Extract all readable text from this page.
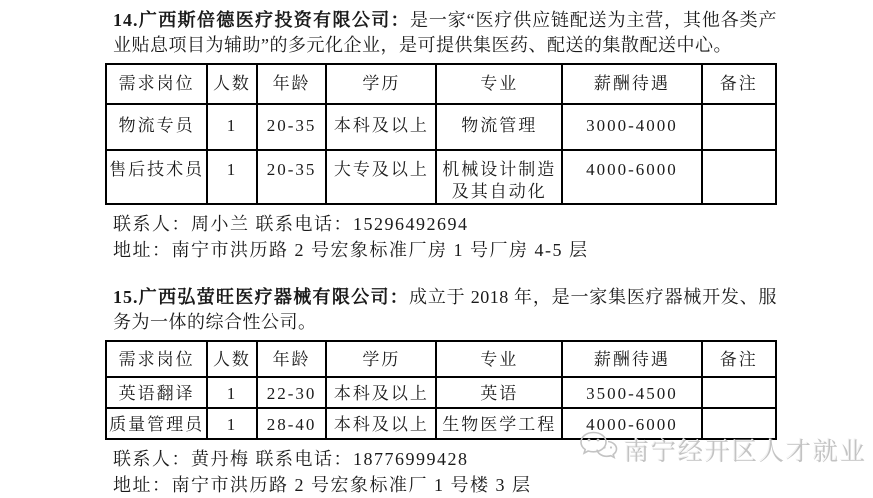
14.广西斯倍德医疗投资有限公司：是一家“医疗供应链配送为主营，其他各类产业贴息项目为辅助”的多元化企业，是可提供集医药、配送的集散配送中心。

需求岗位	人数	年龄	学历	专业	薪酬待遇	备注
物流专员	1	20-35	本科及以上	物流管理	3000-4000	
售后技术员	1	20-35	大专及以上	机械设计制造及其自动化	4000-6000	

联系人：周小兰 联系电话：15296492694

地址：南宁市洪历路 2 号宏象标准厂房 1 号厂房 4-5 层

15.广西弘萤旺医疗器械有限公司：成立于 2018 年，是一家集医疗器械开发、服务为一体的综合性公司。

需求岗位	人数	年龄	学历	专业	薪酬待遇	备注
英语翻译	1	22-30	本科及以上	英语	3500-4500	
质量管理员	1	28-40	本科及以上	生物医学工程	4000-6000	

联系人：黄丹梅 联系电话：18776999428

地址：南宁市洪历路 2 号宏象标准厂 1 号楼 3 层

南宁经开区人才就业
